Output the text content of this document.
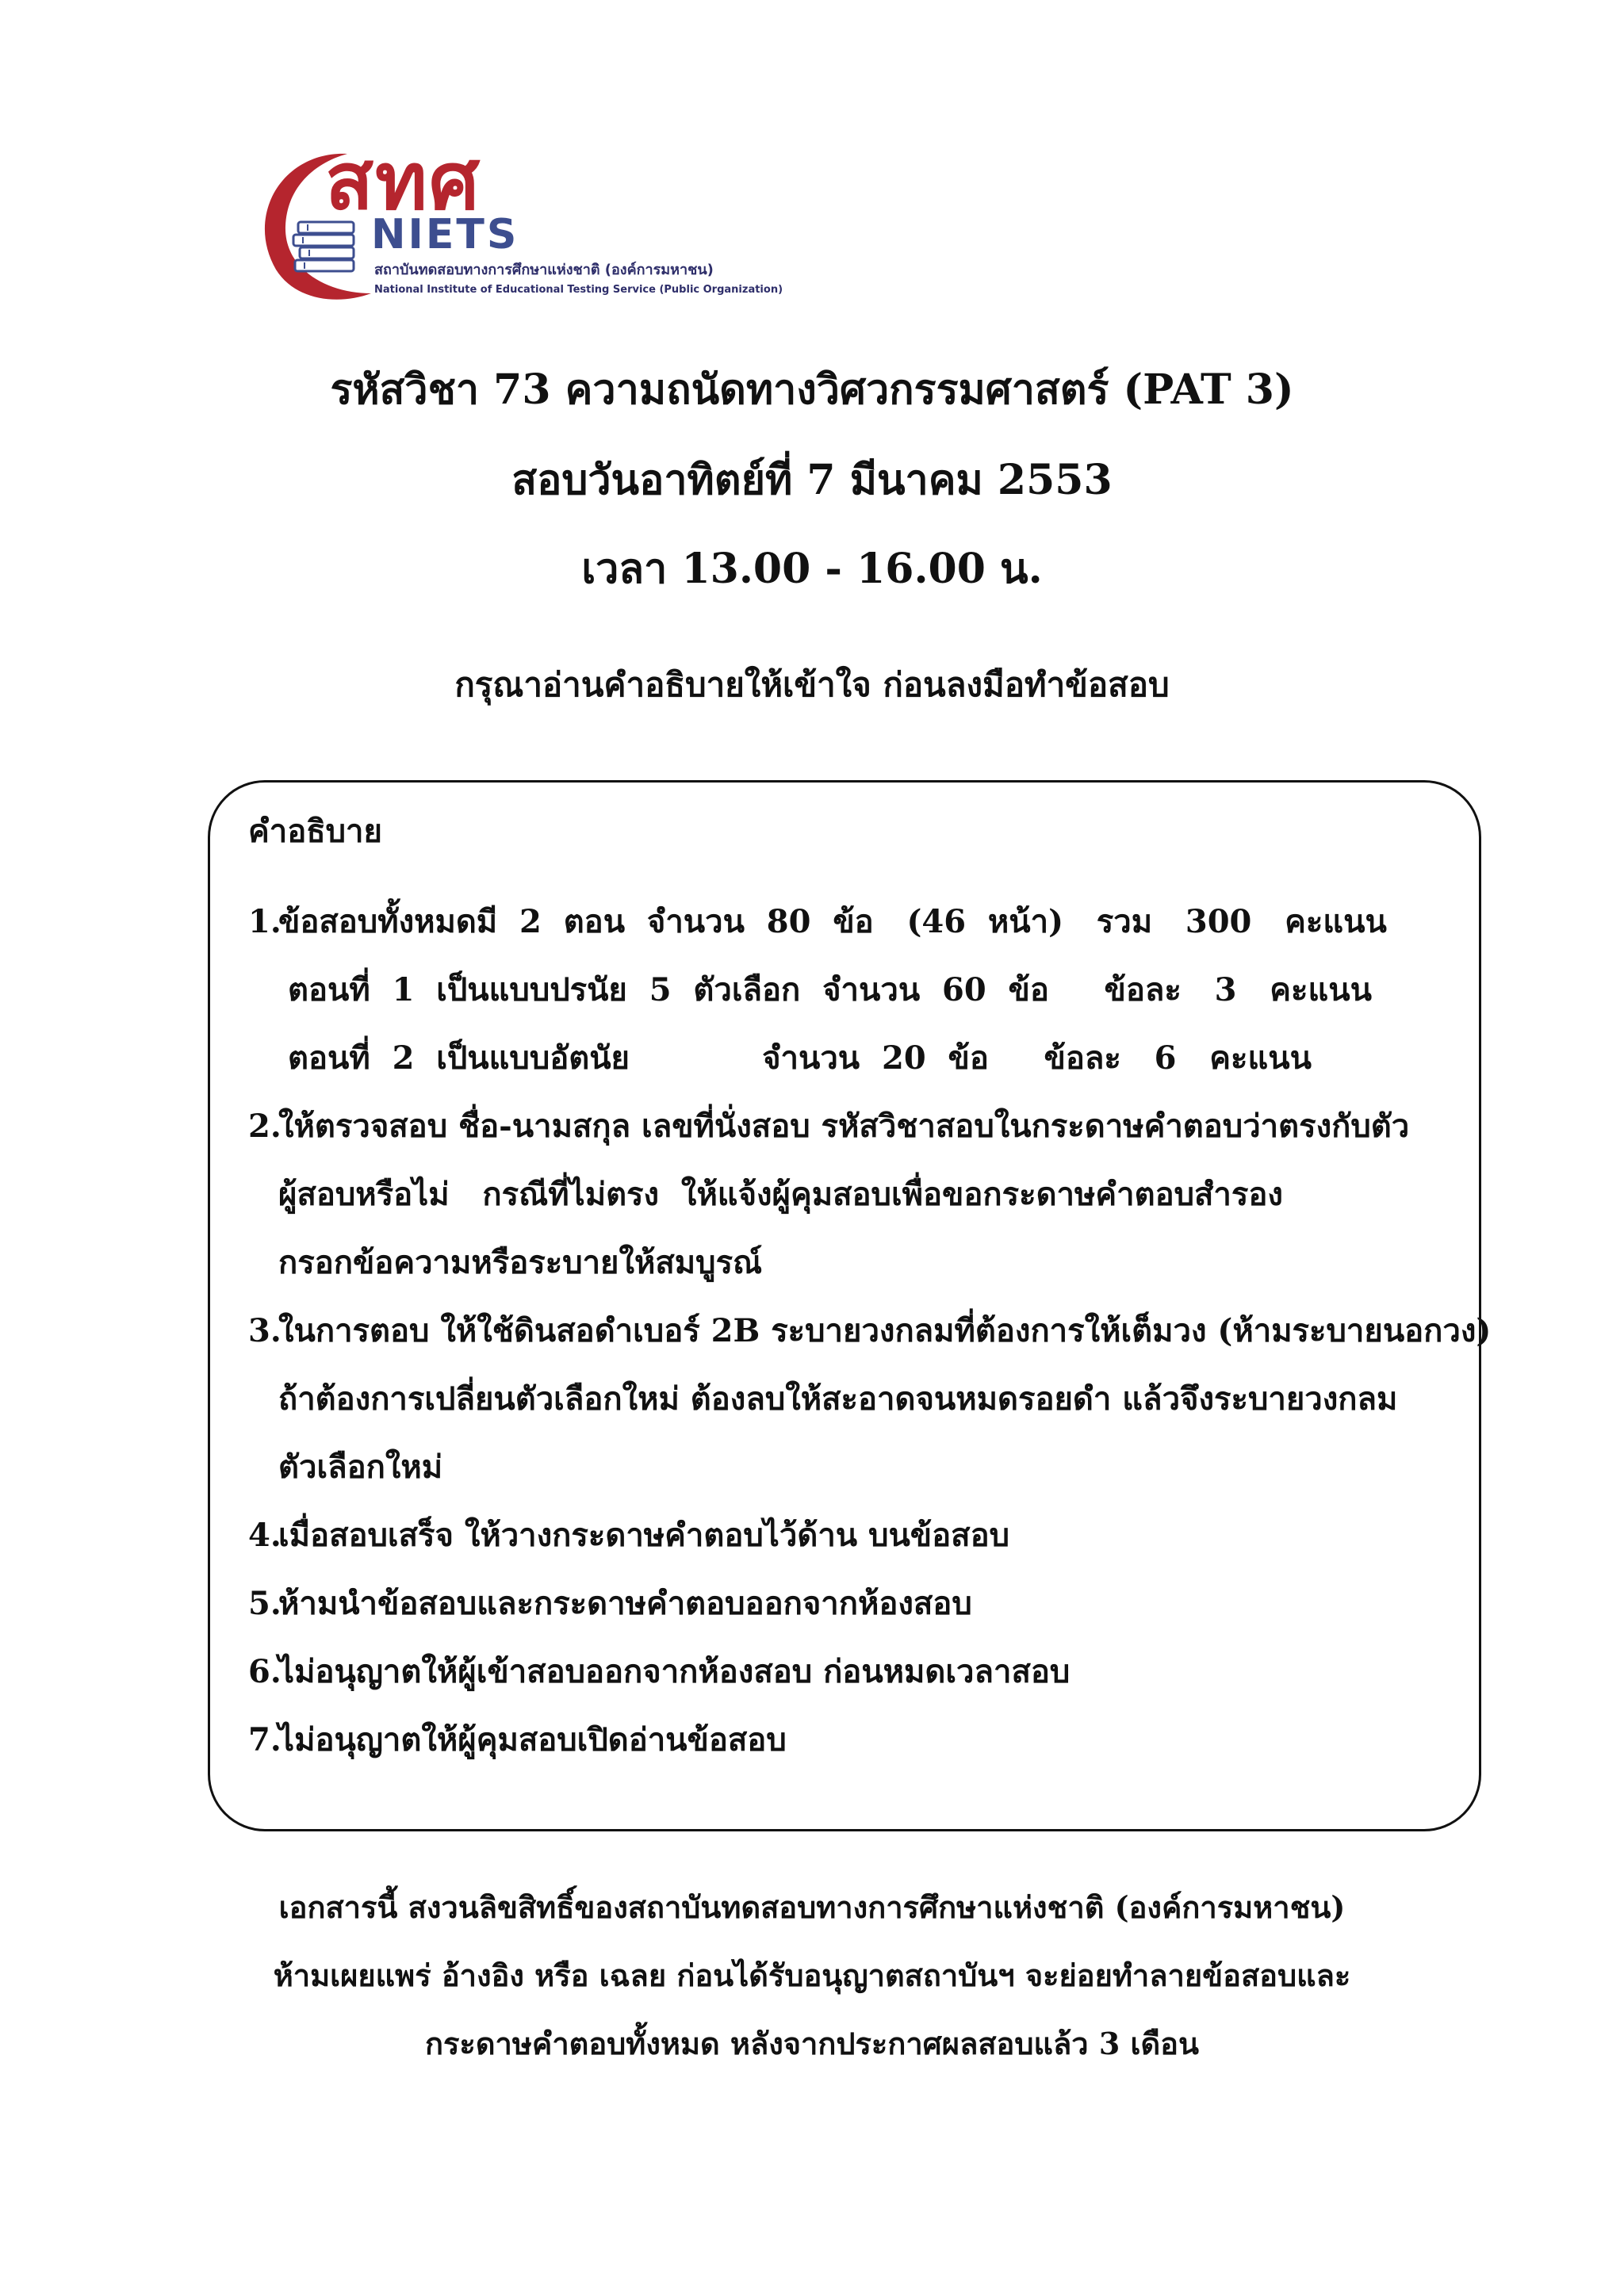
สทศ
NIETS
สถาบันทดสอบทางการศึกษาแห่งชาติ (องค์การมหาชน)
National Institute of Educational Testing Service (Public Organization)
รหัสวิชา 73 ความถนัดทางวิศวกรรมศาสตร์ (PAT 3)
สอบวันอาทิตย์ที่ 7 มีนาคม 2553
เวลา 13.00 - 16.00 น.
กรุณาอ่านคำอธิบายให้เข้าใจ ก่อนลงมือทำข้อสอบ
คำอธิบาย
1.ข้อสอบทั้งหมดมี  2  ตอน  จำนวน  80  ข้อ   (46  หน้า)   รวม   300   คะแนน
ตอนที่  1  เป็นแบบปรนัย  5  ตัวเลือก  จำนวน  60  ข้อ     ข้อละ   3   คะแนน
ตอนที่  2  เป็นแบบอัตนัย            จำนวน  20  ข้อ     ข้อละ   6   คะแนน
2.ให้ตรวจสอบ ชื่อ-นามสกุล เลขที่นั่งสอบ รหัสวิชาสอบในกระดาษคำตอบว่าตรงกับตัว
ผู้สอบหรือไม่   กรณีที่ไม่ตรง  ให้แจ้งผู้คุมสอบเพื่อขอกระดาษคำตอบสำรอง
กรอกข้อความหรือระบายให้สมบูรณ์
3.ในการตอบ ให้ใช้ดินสอดำเบอร์ 2B ระบายวงกลมที่ต้องการให้เต็มวง (ห้ามระบายนอกวง)
ถ้าต้องการเปลี่ยนตัวเลือกใหม่ ต้องลบให้สะอาดจนหมดรอยดำ แล้วจึงระบายวงกลม
ตัวเลือกใหม่
4.เมื่อสอบเสร็จ ให้วางกระดาษคำตอบไว้ด้าน บนข้อสอบ
5.ห้ามนำข้อสอบและกระดาษคำตอบออกจากห้องสอบ
6.ไม่อนุญาตให้ผู้เข้าสอบออกจากห้องสอบ ก่อนหมดเวลาสอบ
7.ไม่อนุญาตให้ผู้คุมสอบเปิดอ่านข้อสอบ
เอกสารนี้ สงวนลิขสิทธิ์ของสถาบันทดสอบทางการศึกษาแห่งชาติ (องค์การมหาชน)
ห้ามเผยแพร่ อ้างอิง หรือ เฉลย ก่อนได้รับอนุญาตสถาบันฯ จะย่อยทำลายข้อสอบและ
กระดาษคำตอบทั้งหมด หลังจากประกาศผลสอบแล้ว 3 เดือน
